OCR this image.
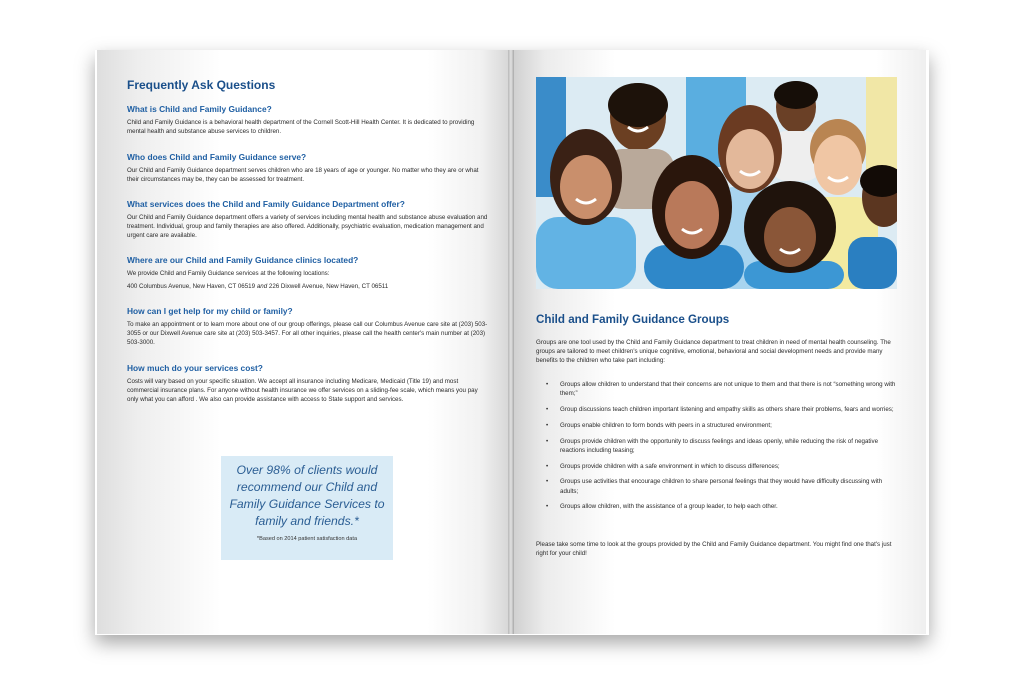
Frequently Ask Questions
What is Child and Family Guidance?

Child and Family Guidance is a behavioral health department of the Cornell Scott-Hill Health Center. It is dedicated to providing mental health and substance abuse services to children.

Who does Child and Family Guidance serve?

Our Child and Family Guidance department serves children who are 18 years of age or younger. No matter who they are or what their circumstances may be, they can be assessed for treatment.

What services does the Child and Family Guidance Department offer?

Our Child and Family Guidance department offers a variety of services including mental health and substance abuse evaluation and treatment. Individual, group and family therapies are also offered. Additionally, psychiatric evaluation, medication management and urgent care are available.

Where are our Child and Family Guidance clinics located?

We provide Child and Family Guidance services at the following locations:

400 Columbus Avenue, New Haven, CT 06519 and 226 Dixwell Avenue, New Haven, CT 06511

How can I get help for my child or family?

To make an appointment or to learn more about one of our group offerings, please call our Columbus Avenue care site at (203) 503-3055 or our Dixwell Avenue care site at (203) 503-3457. For all other inquiries, please call the health center's main number at (203) 503-3000.

How much do your services cost?

Costs will vary based on your specific situation. We accept all insurance including Medicare, Medicaid (Title 19) and most commercial insurance plans. For anyone without health insurance we offer services on a sliding-fee scale, which means you pay only what you can afford . We also can provide assistance with access to State support and services.

Over 98% of clients would recommend our Child and Family Guidance Services to family and friends.*

*Based on 2014 patient satisfaction data

Child and Family Guidance Groups

Groups are one tool used by the Child and Family Guidance department to treat children in need of mental health counseling. The groups are tailored to meet children's unique cognitive, emotional, behavioral and social development needs and provide many benefits to the children who take part including:

• Groups allow children to understand that their concerns are not unique to them and that there is not “something wrong with them;”
• Group discussions teach children important listening and empathy skills as others share their problems, fears and worries;
• Groups enable children to form bonds with peers in a structured environment;
• Groups provide children with the opportunity to discuss feelings and ideas openly, while reducing the risk of negative reactions including teasing;
• Groups provide children with a safe environment in which to discuss differences;
• Groups use activities that encourage children to share personal feelings that they would have difficulty discussing with adults;
• Groups allow children, with the assistance of a group leader, to help each other.

Please take some time to look at the groups provided by the Child and Family Guidance department. You might find one that's just right for your child!
